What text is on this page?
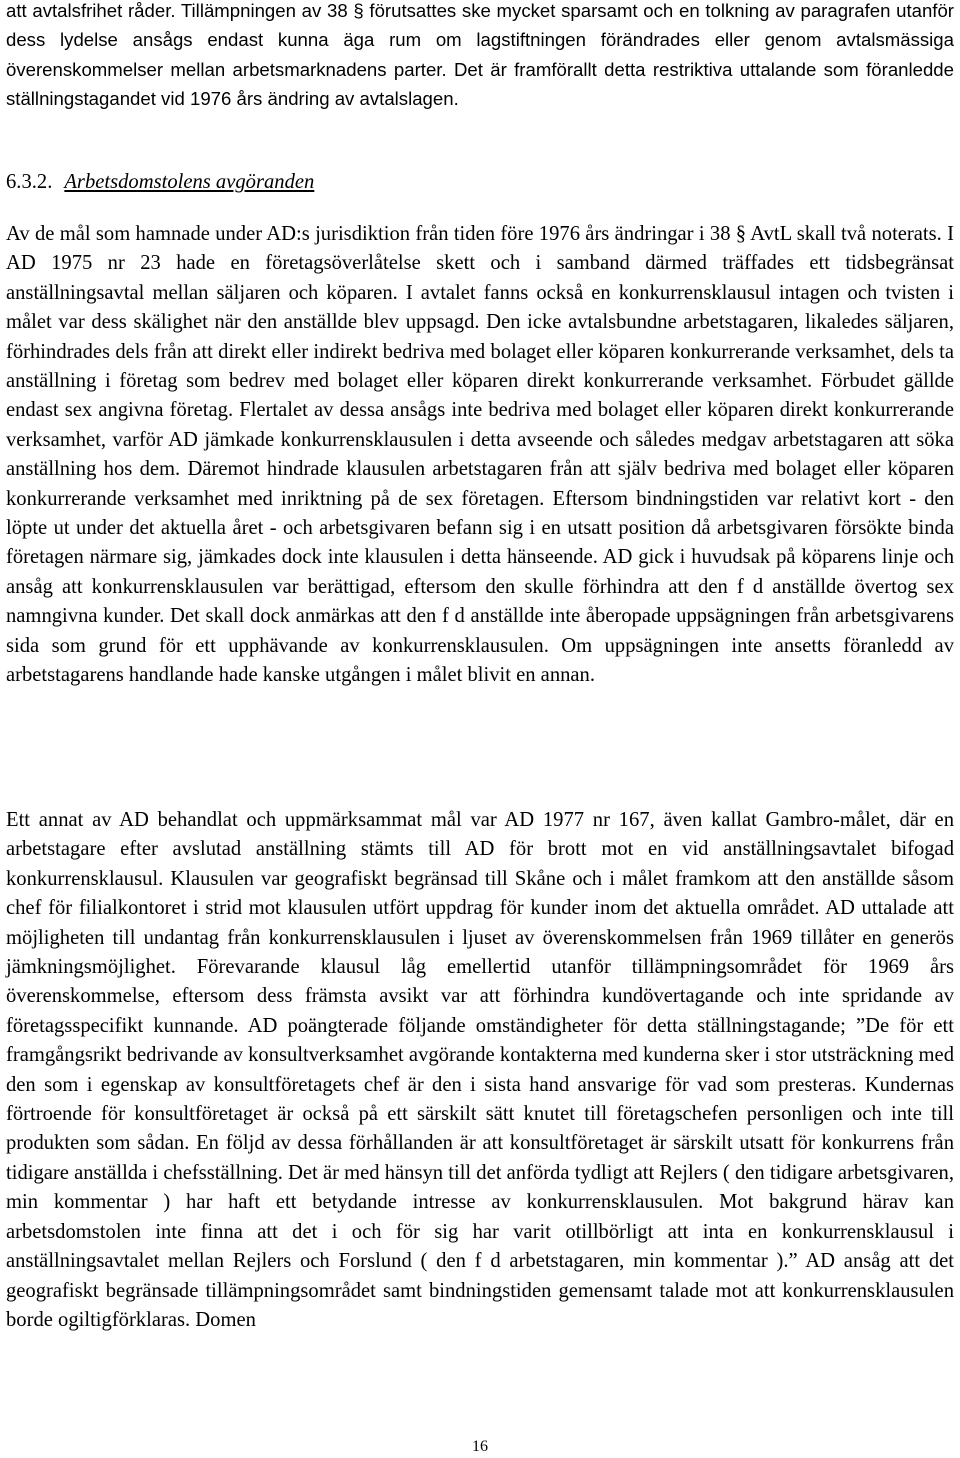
att avtalsfrihet råder. Tillämpningen av 38 § förutsattes ske mycket sparsamt och en tolkning av paragrafen utanför dess lydelse ansågs endast kunna äga rum om lagstiftningen förändrades eller genom avtalsmässiga överenskommelser mellan arbetsmarknadens parter. Det är framförallt detta restriktiva uttalande som föranledde ställningstagandet vid 1976 års ändring av avtalslagen.

6.3.2. Arbetsdomstolens avgöranden

Av de mål som hamnade under AD:s jurisdiktion från tiden före 1976 års ändringar i 38 § AvtL skall två noterats. I AD 1975 nr 23 hade en företagsöverlåtelse skett och i samband därmed träffades ett tidsbegränsat anställningsavtal mellan säljaren och köparen. I avtalet fanns också en konkurrensklausul intagen och tvisten i målet var dess skälighet när den anställde blev uppsagd. Den icke avtalsbundne arbetstagaren, likaledes säljaren, förhindrades dels från att direkt eller indirekt bedriva med bolaget eller köparen konkurrerande verksamhet, dels ta anställning i företag som bedrev med bolaget eller köparen direkt konkurrerande verksamhet. Förbudet gällde endast sex angivna företag. Flertalet av dessa ansågs inte bedriva med bolaget eller köparen direkt konkurrerande verksamhet, varför AD jämkade konkurrensklausulen i detta avseende och således medgav arbetstagaren att söka anställning hos dem. Däremot hindrade klausulen arbetstagaren från att själv bedriva med bolaget eller köparen konkurrerande verksamhet med inriktning på de sex företagen. Eftersom bindningstiden var relativt kort - den löpte ut under det aktuella året - och arbetsgivaren befann sig i en utsatt position då arbetsgivaren försökte binda företagen närmare sig, jämkades dock inte klausulen i detta hänseende. AD gick i huvudsak på köparens linje och ansåg att konkurrensklausulen var berättigad, eftersom den skulle förhindra att den f d anställde övertog sex namngivna kunder. Det skall dock anmärkas att den f d anställde inte åberopade uppsägningen från arbetsgivarens sida som grund för ett upphävande av konkurrensklausulen. Om uppsägningen inte ansetts föranledd av arbetstagarens handlande hade kanske utgången i målet blivit en annan.

Ett annat av AD behandlat och uppmärksammat mål var AD 1977 nr 167, även kallat Gambro-målet, där en arbetstagare efter avslutad anställning stämts till AD för brott mot en vid anställningsavtalet bifogad konkurrensklausul. Klausulen var geografiskt begränsad till Skåne och i målet framkom att den anställde såsom chef för filialkontoret i strid mot klausulen utfört uppdrag för kunder inom det aktuella området. AD uttalade att möjligheten till undantag från konkurrensklausulen i ljuset av överenskommelsen från 1969 tillåter en generös jämkningsmöjlighet. Förevarande klausul låg emellertid utanför tillämpningsområdet för 1969 års överenskommelse, eftersom dess främsta avsikt var att förhindra kundövertagande och inte spridande av företagsspecifikt kunnande. AD poängterade följande omständigheter för detta ställningstagande; ”De för ett framgångsrikt bedrivande av konsultverksamhet avgörande kontakterna med kunderna sker i stor utsträckning med den som i egenskap av konsultföretagets chef är den i sista hand ansvarige för vad som presteras. Kundernas förtroende för konsultföretaget är också på ett särskilt sätt knutet till företagschefen personligen och inte till produkten som sådan. En följd av dessa förhållanden är att konsultföretaget är särskilt utsatt för konkurrens från tidigare anställda i chefsställning. Det är med hänsyn till det anförda tydligt att Rejlers ( den tidigare arbetsgivaren, min kommentar ) har haft ett betydande intresse av konkurrensklausulen. Mot bakgrund härav kan arbetsdomstolen inte finna att det i och för sig har varit otillbörligt att inta en konkurrensklausul i anställningsavtalet mellan Rejlers och Forslund ( den f d arbetstagaren, min kommentar ).” AD ansåg att det geografiskt begränsade tillämpningsområdet samt bindningstiden gemensamt talade mot att konkurrensklausulen borde ogiltigförklaras. Domen

16
